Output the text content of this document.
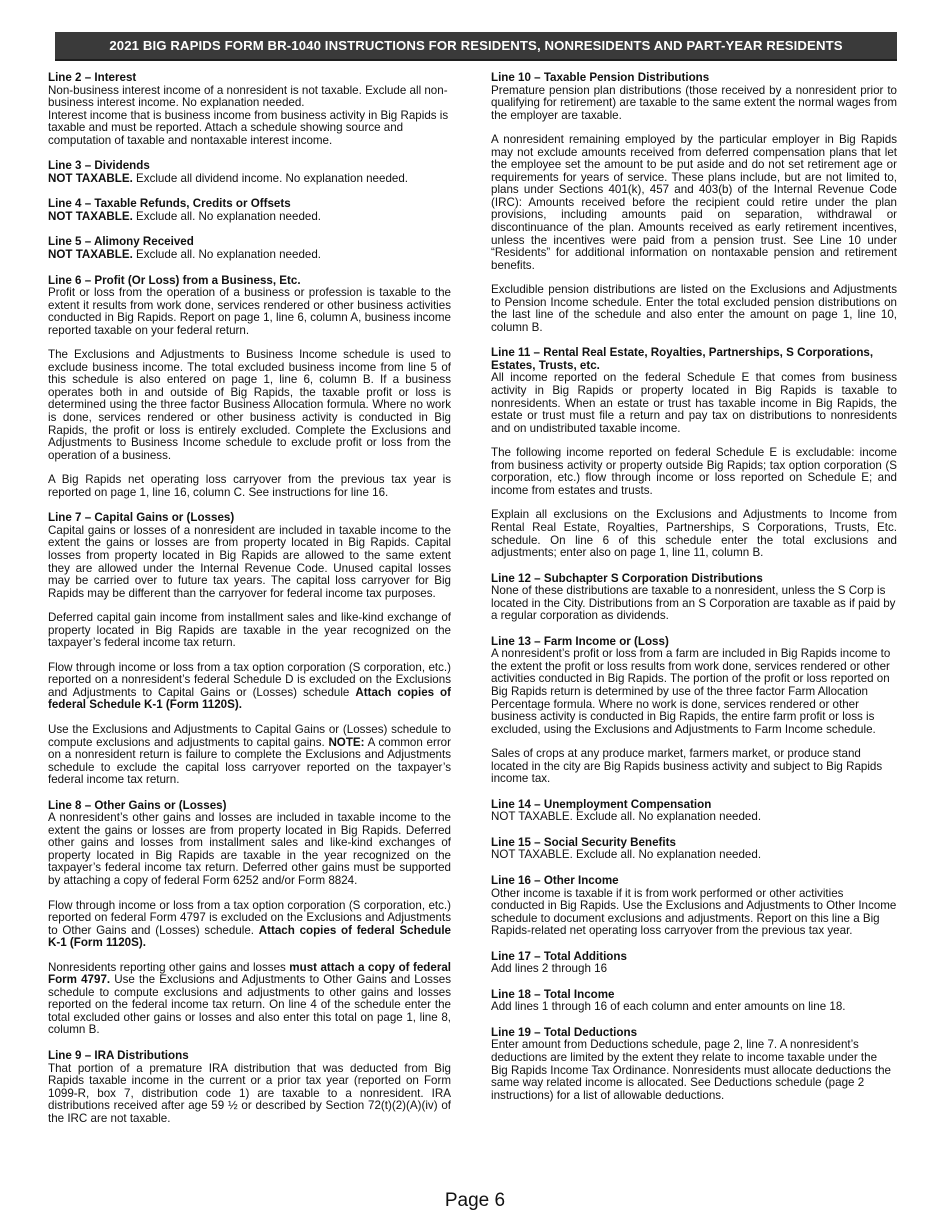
2021 BIG RAPIDS FORM BR-1040 INSTRUCTIONS FOR RESIDENTS, NONRESIDENTS AND PART-YEAR RESIDENTS
Line 2 – Interest

Non-business interest income of a nonresident is not taxable. Exclude all non-business interest income. No explanation needed.

Interest income that is business income from business activity in Big Rapids is taxable and must be reported. Attach a schedule showing source and computation of taxable and nontaxable interest income.

Line 3 – Dividends

NOT TAXABLE. Exclude all dividend income. No explanation needed.

Line 4 – Taxable Refunds, Credits or Offsets

NOT TAXABLE. Exclude all. No explanation needed.

Line 5 – Alimony Received

NOT TAXABLE. Exclude all. No explanation needed.

Line 6 – Profit (Or Loss) from a Business, Etc.

Profit or loss from the operation of a business or profession is taxable to the extent it results from work done, services rendered or other business activities conducted in Big Rapids. Report on page 1, line 6, column A, business income reported taxable on your federal return.

The Exclusions and Adjustments to Business Income schedule is used to exclude business income. The total excluded business income from line 5 of this schedule is also entered on page 1, line 6, column B. If a business operates both in and outside of Big Rapids, the taxable profit or loss is determined using the three factor Business Allocation formula. Where no work is done, services rendered or other business activity is conducted in Big Rapids, the profit or loss is entirely excluded. Complete the Exclusions and Adjustments to Business Income schedule to exclude profit or loss from the operation of a business.

A Big Rapids net operating loss carryover from the previous tax year is reported on page 1, line 16, column C. See instructions for line 16.

Line 7 – Capital Gains or (Losses)

Capital gains or losses of a nonresident are included in taxable income to the extent the gains or losses are from property located in Big Rapids. Capital losses from property located in Big Rapids are allowed to the same extent they are allowed under the Internal Revenue Code. Unused capital losses may be carried over to future tax years. The capital loss carryover for Big Rapids may be different than the carryover for federal income tax purposes.

Deferred capital gain income from installment sales and like-kind exchange of property located in Big Rapids are taxable in the year recognized on the taxpayer’s federal income tax return.

Flow through income or loss from a tax option corporation (S corporation, etc.) reported on a nonresident’s federal Schedule D is excluded on the Exclusions and Adjustments to Capital Gains or (Losses) schedule Attach copies of federal Schedule K-1 (Form 1120S).

Use the Exclusions and Adjustments to Capital Gains or (Losses) schedule to compute exclusions and adjustments to capital gains. NOTE: A common error on a nonresident return is failure to complete the Exclusions and Adjustments schedule to exclude the capital loss carryover reported on the taxpayer’s federal income tax return.

Line 8 – Other Gains or (Losses)

A nonresident’s other gains and losses are included in taxable income to the extent the gains or losses are from property located in Big Rapids. Deferred other gains and losses from installment sales and like-kind exchanges of property located in Big Rapids are taxable in the year recognized on the taxpayer’s federal income tax return. Deferred other gains must be supported by attaching a copy of federal Form 6252 and/or Form 8824.

Flow through income or loss from a tax option corporation (S corporation, etc.) reported on federal Form 4797 is excluded on the Exclusions and Adjustments to Other Gains and (Losses) schedule. Attach copies of federal Schedule K-1 (Form 1120S).

Nonresidents reporting other gains and losses must attach a copy of federal Form 4797. Use the Exclusions and Adjustments to Other Gains and Losses schedule to compute exclusions and adjustments to other gains and losses reported on the federal income tax return. On line 4 of the schedule enter the total excluded other gains or losses and also enter this total on page 1, line 8, column B.

Line 9 – IRA Distributions

That portion of a premature IRA distribution that was deducted from Big Rapids taxable income in the current or a prior tax year (reported on Form 1099-R, box 7, distribution code 1) are taxable to a nonresident. IRA distributions received after age 59 ½ or described by Section 72(t)(2)(A)(iv) of the IRC are not taxable.

Line 10 – Taxable Pension Distributions

Premature pension plan distributions (those received by a nonresident prior to qualifying for retirement) are taxable to the same extent the normal wages from the employer are taxable.

A nonresident remaining employed by the particular employer in Big Rapids may not exclude amounts received from deferred compensation plans that let the employee set the amount to be put aside and do not set retirement age or requirements for years of service. These plans include, but are not limited to, plans under Sections 401(k), 457 and 403(b) of the Internal Revenue Code (IRC): Amounts received before the recipient could retire under the plan provisions, including amounts paid on separation, withdrawal or discontinuance of the plan. Amounts received as early retirement incentives, unless the incentives were paid from a pension trust. See Line 10 under “Residents” for additional information on nontaxable pension and retirement benefits.

Excludible pension distributions are listed on the Exclusions and Adjustments to Pension Income schedule. Enter the total excluded pension distributions on the last line of the schedule and also enter the amount on page 1, line 10, column B.

Line 11 – Rental Real Estate, Royalties, Partnerships, S Corporations, Estates, Trusts, etc.

All income reported on the federal Schedule E that comes from business activity in Big Rapids or property located in Big Rapids is taxable to nonresidents. When an estate or trust has taxable income in Big Rapids, the estate or trust must file a return and pay tax on distributions to nonresidents and on undistributed taxable income.

The following income reported on federal Schedule E is excludable: income from business activity or property outside Big Rapids; tax option corporation (S corporation, etc.) flow through income or loss reported on Schedule E; and income from estates and trusts.

Explain all exclusions on the Exclusions and Adjustments to Income from Rental Real Estate, Royalties, Partnerships, S Corporations, Trusts, Etc. schedule. On line 6 of this schedule enter the total exclusions and adjustments; enter also on page 1, line 11, column B.

Line 12 – Subchapter S Corporation Distributions

None of these distributions are taxable to a nonresident, unless the S Corp is located in the City. Distributions from an S Corporation are taxable as if paid by a regular corporation as dividends.

Line 13 – Farm Income or (Loss)

A nonresident’s profit or loss from a farm are included in Big Rapids income to the extent the profit or loss results from work done, services rendered or other activities conducted in Big Rapids. The portion of the profit or loss reported on Big Rapids return is determined by use of the three factor Farm Allocation Percentage formula. Where no work is done, services rendered or other business activity is conducted in Big Rapids, the entire farm profit or loss is excluded, using the Exclusions and Adjustments to Farm Income schedule.

Sales of crops at any produce market, farmers market, or produce stand located in the city are Big Rapids business activity and subject to Big Rapids income tax.

Line 14 – Unemployment Compensation

NOT TAXABLE. Exclude all. No explanation needed.

Line 15 – Social Security Benefits

NOT TAXABLE. Exclude all. No explanation needed.

Line 16 – Other Income

Other income is taxable if it is from work performed or other activities conducted in Big Rapids. Use the Exclusions and Adjustments to Other Income schedule to document exclusions and adjustments. Report on this line a Big Rapids-related net operating loss carryover from the previous tax year.

Line 17 – Total Additions

Add lines 2 through 16

Line 18 – Total Income

Add lines 1 through 16 of each column and enter amounts on line 18.

Line 19 – Total Deductions

Enter amount from Deductions schedule, page 2, line 7. A nonresident’s deductions are limited by the extent they relate to income taxable under the Big Rapids Income Tax Ordinance. Nonresidents must allocate deductions the same way related income is allocated. See Deductions schedule (page 2 instructions) for a list of allowable deductions.

Page 6
